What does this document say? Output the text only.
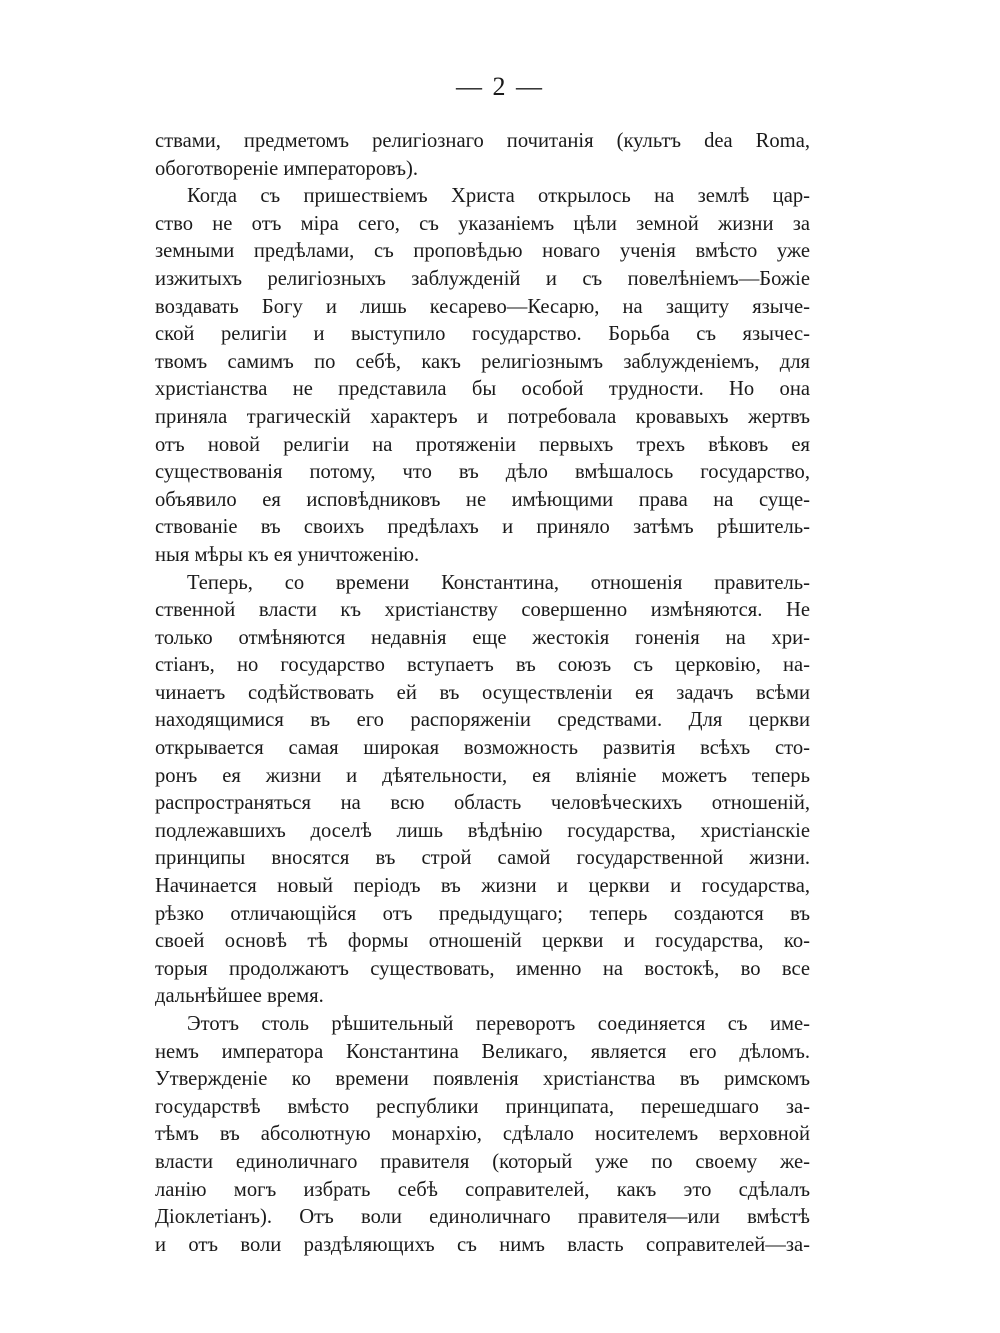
— 2 —
ствами, предметомъ религіознаго почитанія (культъ dea Roma,
обоготвореніе императоровъ).
Когда съ пришествіемъ Христа открылось на землѣ цар-
ство не отъ міра сего, съ указаніемъ цѣли земной жизни за
земными предѣлами, съ проповѣдью новаго ученія вмѣсто уже
изжитыхъ религіозныхъ заблужденій и съ повелѣніемъ—Божіе
воздавать Богу и лишь кесарево—Кесарю, на защиту языче-
ской религіи и выступило государство. Борьба съ язычес-
твомъ самимъ по себѣ, какъ религіознымъ заблужденіемъ, для
христіанства не представила бы особой трудности. Но она
приняла трагическій характеръ и потребовала кровавыхъ жертвъ
отъ новой религіи на протяженіи первыхъ трехъ вѣковъ ея
существованія потому, что въ дѣло вмѣшалось государство,
объявило ея исповѣдниковъ не имѣющими права на суще-
ствованіе въ своихъ предѣлахъ и приняло затѣмъ рѣшитель-
ныя мѣры къ ея уничтоженію.
Теперь, со времени Константина, отношенія правитель-
ственной власти къ христіанству совершенно измѣняются. Не
только отмѣняются недавнія еще жестокія гоненія на хри-
стіанъ, но государство вступаетъ въ союзъ съ церковію, на-
чинаетъ содѣйствовать ей въ осуществленіи ея задачъ всѣми
находящимися въ его распоряженіи средствами. Для церкви
открывается самая широкая возможность развитія всѣхъ сто-
ронъ ея жизни и дѣятельности, ея вліяніе можетъ теперь
распространяться на всю область человѣческихъ отношеній,
подлежавшихъ доселѣ лишь вѣдѣнію государства, христіанскіе
принципы вносятся въ строй самой государственной жизни.
Начинается новый періодъ въ жизни и церкви и государства,
рѣзко отличающійся отъ предыдущаго; теперь создаются въ
своей основѣ тѣ формы отношеній церкви и государства, ко-
торыя продолжаютъ существовать, именно на востокѣ, во все
дальнѣйшее время.
Этотъ столь рѣшительный переворотъ соединяется съ име-
немъ императора Константина Великаго, является его дѣломъ.
Утвержденіе ко времени появленія христіанства въ римскомъ
государствѣ вмѣсто республики принципата, перешедшаго за-
тѣмъ въ абсолютную монархію, сдѣлало носителемъ верховной
власти единоличнаго правителя (который уже по своему же-
ланію могъ избрать себѣ соправителей, какъ это сдѣлалъ
Діоклетіанъ). Отъ воли единоличнаго правителя—или вмѣстѣ
и отъ воли раздѣляющихъ съ нимъ власть соправителей—за-
